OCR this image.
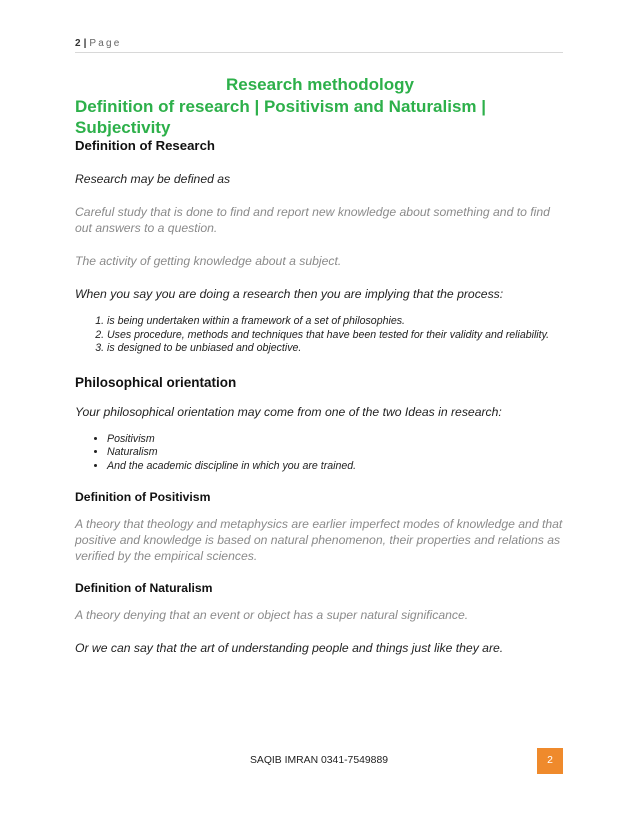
2 | Page
Research methodology
Definition of research | Positivism and Naturalism | Subjectivity
Definition of Research

Research may be defined as

Careful study that is done to find and report new knowledge about something and to find out answers to a question.

The activity of getting knowledge about a subject.

When you say you are doing a research then you are implying that the process:

1. is being undertaken within a framework of a set of philosophies.
2. Uses procedure, methods and techniques that have been tested for their validity and reliability.
3. is designed to be unbiased and objective.
Philosophical orientation

Your philosophical orientation may come from one of the two Ideas in research:

• Positivism
• Naturalism
• And the academic discipline in which you are trained.
Definition of Positivism

A theory that theology and metaphysics are earlier imperfect modes of knowledge and that positive and knowledge is based on natural phenomenon, their properties and relations as verified by the empirical sciences.

Definition of Naturalism

A theory denying that an event or object has a super natural significance.

Or we can say that the art of understanding people and things just like they are.

SAQIB IMRAN 0341-7549889	2
